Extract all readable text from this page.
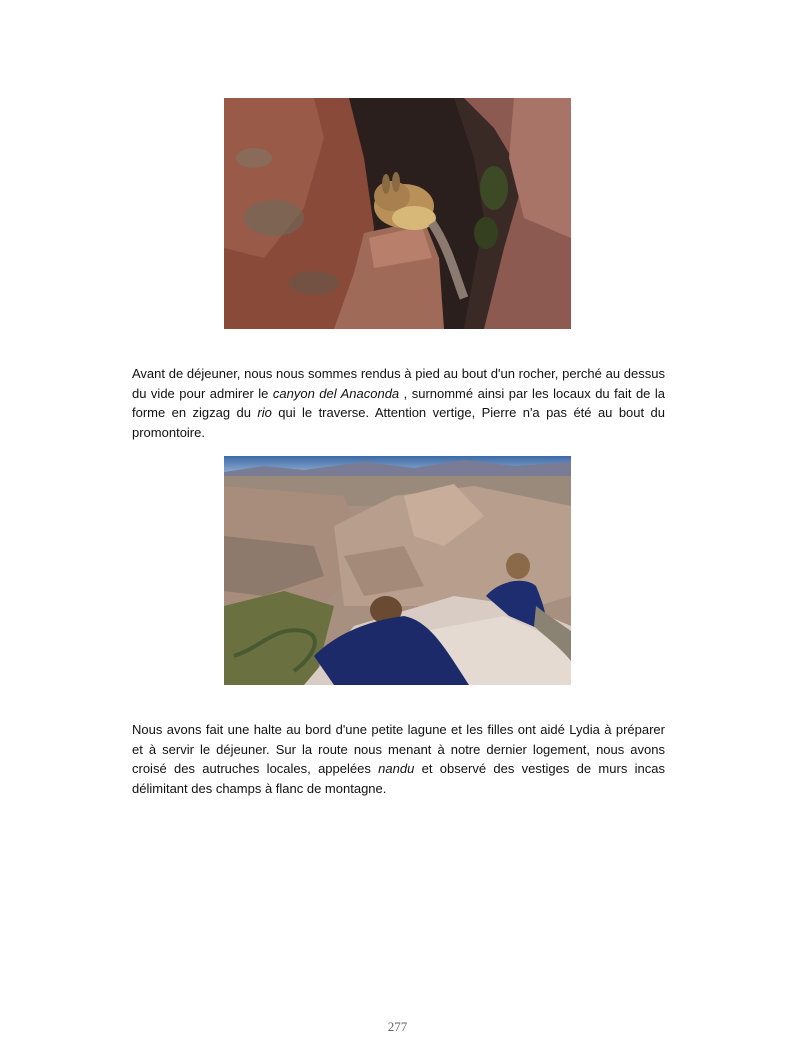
Avant de déjeuner, nous nous sommes rendus à pied au bout d'un rocher, perché au dessus du vide pour admirer le canyon del Anaconda , surnommé ainsi par les locaux du fait de la forme en zigzag du rio qui le traverse. Attention vertige, Pierre n'a pas été au bout du promontoire.

Nous avons fait une halte au bord d'une petite lagune et les filles ont aidé Lydia à préparer et à servir le déjeuner. Sur la route nous menant à notre dernier logement, nous avons croisé des autruches locales, appelées nandu et observé des vestiges de murs incas délimitant des champs à flanc de montagne.

277
